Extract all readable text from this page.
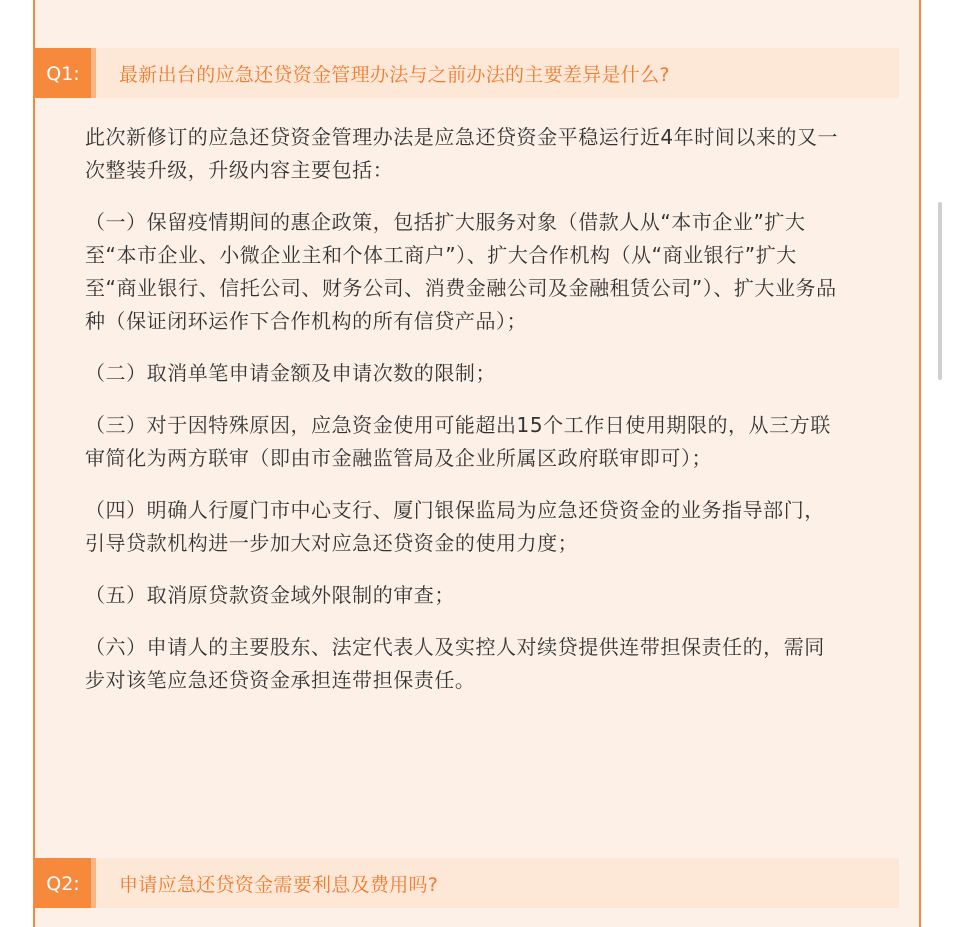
Q1:	最新出台的应急还贷资金管理办法与之前办法的主要差异是什么?

此次新修订的应急还贷资金管理办法是应急还贷资金平稳运行近4年时间以来的又一次整装升级，升级内容主要包括：

（一）保留疫情期间的惠企政策，包括扩大服务对象（借款人从“本市企业”扩大至“本市企业、小微企业主和个体工商户”）、扩大合作机构（从“商业银行”扩大至“商业银行、信托公司、财务公司、消费金融公司及金融租赁公司”）、扩大业务品种（保证闭环运作下合作机构的所有信贷产品）；

（二）取消单笔申请金额及申请次数的限制；

（三）对于因特殊原因，应急资金使用可能超出15个工作日使用期限的，从三方联审简化为两方联审（即由市金融监管局及企业所属区政府联审即可）；

（四）明确人行厦门市中心支行、厦门银保监局为应急还贷资金的业务指导部门，引导贷款机构进一步加大对应急还贷资金的使用力度；

（五）取消原贷款资金域外限制的审查；

（六）申请人的主要股东、法定代表人及实控人对续贷提供连带担保责任的，需同步对该笔应急还贷资金承担连带担保责任。

Q2:	申请应急还贷资金需要利息及费用吗?
